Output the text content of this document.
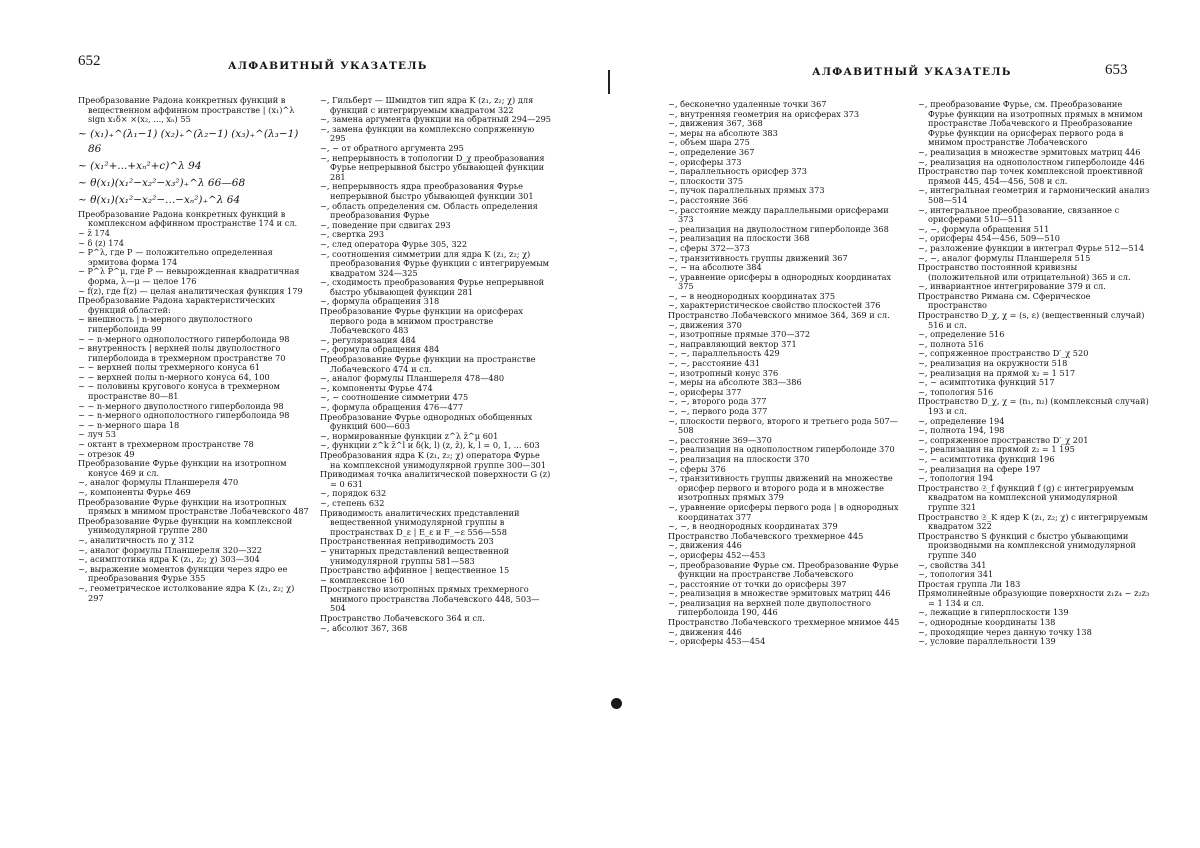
652	АЛФАВИТНЫЙ УКАЗАТЕЛЬ

Преобразование Радона конкретных функций в вещественном аффинном пространстве | (x₁)^λ sign x₁δ× ×(x₂, ..., xₙ) 55

~ (x₁)₊^(λ₁−1) (x₂)₊^(λ₂−1) (x₃)₊^(λ₃−1) 86

~ (x₁²+...+xₙ²+c)^λ 94

~ θ(x₁)(x₁²−x₂²−x₃²)₊^λ 66—68

~ θ(x₁)(x₁²−x₂²−...−xₙ²)₊^λ 64

Преобразование Радона конкретных функций в комплексном аффинном пространстве 174 и сл.

~ z̄ 174

~ δ (z) 174

~ P^λ, где P — положительно определенная эрмитова форма 174

~ P^λ P̄^μ, где P — невырожденная квадратичная форма, λ—μ — целое 176

~ f(z), где f(z) — целая аналитическая функция 179

Преобразование Радона характеристических функций областей:

~ внешность | n-мерного двуполостного гиперболоида 99

~ ~ n-мерного однополостного гиперболоида 98

~ внутренность | верхней полы двуполостного гиперболоида в трехмерном пространстве 70

~ ~ верхней полы трехмерного конуса 61

~ ~ верхней полы n-мерного конуса 64, 100

~ ~ половины кругового конуса в трехмерном пространстве 80—81

~ ~ n-мерного двуполостного гиперболоида 98

~ ~ n-мерного однополостного гиперболоида 98

~ ~ n-мерного шара 18

~ луч 53

~ октант в трехмерном пространстве 78

~ отрезок 49

Преобразование Фурье функции на изотропном конусе 469 и сл.

~, аналог формулы Планшереля 470

~, компоненты Фурье 469

Преобразование Фурье функции на изотропных прямых в мнимом пространстве Лобачевского 487

Преобразование Фурье функции на комплексной унимодулярной группе 280

~, аналитичность по χ 312

~, аналог формулы Планшереля 320—322

~, асимптотика ядра K (z₁, z₂; χ) 303—304

~, выражение моментов функции через ядро ее преобразования Фурье 355

~, геометрическое истолкование ядра K (z₁, z₂; χ) 297

~, Гильберт — Шмидтов тип ядра K (z₁, z₂; χ) для функций с интегрируемым квадратом 322

~, замена аргумента функции на обратный 294—295

~, замена функции на комплексно сопряженную 295

~, ~ от обратного аргумента 295

~, непрерывность в топологии D_χ преобразования Фурье непрерывной быстро убывающей функции 281

~, непрерывность ядра преобразования Фурье непрерывной быстро убывающей функции 301

~, область определения см. Область определения преобразования Фурье

~, поведение при сдвигах 293

~, свертка 293

~, след оператора Фурье 305, 322

~, соотношения симметрии для ядра K (z₁, z₂; χ) преобразования Фурье функции с интегрируемым квадратом 324—325

~, сходимость преобразования Фурье непрерывной быстро убывающей функции 281

~, формула обращения 318

Преобразование Фурье функции на орисферах первого рода в мнимом пространстве Лобачевского 483

~, регуляризация 484

~, формула обращения 484

Преобразование Фурье функции на пространстве Лобачевского 474 и сл.

~, аналог формулы Планшереля 478—480

~, компоненты Фурье 474

~, ~ соотношение симметрии 475

~, формула обращения 476—477

Преобразование Фурье однородных обобщенных функций 600—603

~, нормированные функции z^λ z̄^μ 601

~, функции z^k z̄^l и δ(k, l) (z, z̄), k, l = 0, 1, ... 603

Преобразования ядра K (z₁, z₂; χ) оператора Фурье на комплексной унимодулярной группе 300—301

Приводимая точка аналитической поверхности G (z) = 0 631

~, порядок 632

~, степень 632

Приводимость аналитических представлений вещественной унимодулярной группы в пространствах D_ε | E_ε и F_−ε 556—558

Пространственная неприводимость 203

~ унитарных представлений вещественной унимодулярной группы 581—583

Пространство аффинное | вещественное 15

~ комплексное 160

Пространство изотропных прямых трехмерного мнимого пространства Лобачевского 448, 503—504

Пространство Лобачевского 364 и сл.

~, абсолют 367, 368

653
АЛФАВИТНЫЙ УКАЗАТЕЛЬ

~, бесконечно удаленные точки 367

~, внутренняя геометрия на орисферах 373

~, движения 367, 368

~, меры на абсолюте 383

~, объем шара 275

~, определение 367

~, орисферы 373

~, параллельность орисфер 373

~, плоскости 375

~, пучок параллельных прямых 373

~, расстояние 366

~, расстояние между параллельными орисферами 373

~, реализация на двуполостном гиперболоиде 368

~, реализация на плоскости 368

~, сферы 372—373

~, транзитивность группы движений 367

~, ~ на абсолюте 384

~, уравнение орисферы в однородных координатах 375

~, ~ в неоднородных координатах 375

~, характеристическое свойство плоскостей 376

Пространство Лобачевского мнимое 364, 369 и сл.

~, движения 370

~, изотропные прямые 370—372

~, направляющий вектор 371

~, ~, параллельность 429

~, ~, расстояние 431

~, изотропный конус 376

~, меры на абсолюте 383—386

~, орисферы 377

~, ~, второго рода 377

~, ~, первого рода 377

~, плоскости первого, второго и третьего рода 507—508

~, расстояние 369—370

~, реализация на однополостном гиперболоиде 370

~, реализация на плоскости 370

~, сферы 376

~, транзитивность группы движений на множестве орисфер первого и второго рода и в множестве изотропных прямых 379

~, уравнение орисферы первого рода | в однородных координатах 377

~, ~, в неоднородных координатах 379

Пространство Лобачевского трехмерное 445

~, движения 446

~, орисферы 452—453

~, преобразование Фурье см. Преобразование Фурье функции на пространстве Лобачевского

~, расстояние от точки до орисферы 397

~, реализация в множестве эрмитовых матриц 446

~, реализация на верхней поле двуполостного гиперболоида 190, 446

Пространство Лобачевского трехмерное мнимое 445

~, движения 446

~, орисферы 453—454

~, преобразование Фурье, см. Преобразование Фурье функции на изотропных прямых в мнимом пространстве Лобачевского и Преобразование Фурье функции на орисферах первого рода в мнимом пространстве Лобачевского

~, реализация в множестве эрмитовых матриц 446

~, реализация на однополостном гиперболоиде 446

Пространство пар точек комплексной проективной прямой 445, 454—456, 508 и сл.

~, интегральная геометрия и гармонический анализ 508—514

~, интегральное преобразование, связанное с орисферами 510—511

~, ~, формула обращения 511

~, орисферы 454—456, 509—510

~, разложение функции в интеграл Фурье 512—514

~, ~, аналог формулы Планшереля 515

Пространство постоянной кривизны (положительной или отрицательной) 365 и сл.

~, инвариантное интегрирование 379 и сл.

Пространство Римана см. Сферическое пространство

Пространство D_χ, χ = (s, ε) (вещественный случай) 516 и сл.

~, определение 516

~, полнота 516

~, сопряженное пространство D′_χ 520

~, реализация на окружности 518

~, реализация на прямой x₂ = 1 517

~, ~ асимптотика функций 517

~, топология 516

Пространство D_χ, χ = (n₁, n₂) (комплексный случай) 193 и сл.

~, определение 194

~, полнота 194, 198

~, сопряженное пространство D′_χ 201

~, реализация на прямой z₂ = 1 195

~, ~ асимптотика функций 196

~, реализация на сфере 197

~, топология 194

Пространство 𝔖_f функций f (g) с интегрируемым квадратом на комплексной унимодулярной группе 321

Пространство 𝔖_K ядер K (z₁, z₂; χ) с интегрируемым квадратом 322

Пространство S функций с быстро убывающими производными на комплексной унимодулярной группе 340

~, свойства 341

~, топология 341

Простая группа Ли 183

Прямолинейные образующие поверхности z₁z₄ − z₂z₃ = 1 134 и сл.

~, лежащие в гиперплоскости 139

~, однородные координаты 138

~, проходящие через данную точку 138

~, условие параллельности 139
